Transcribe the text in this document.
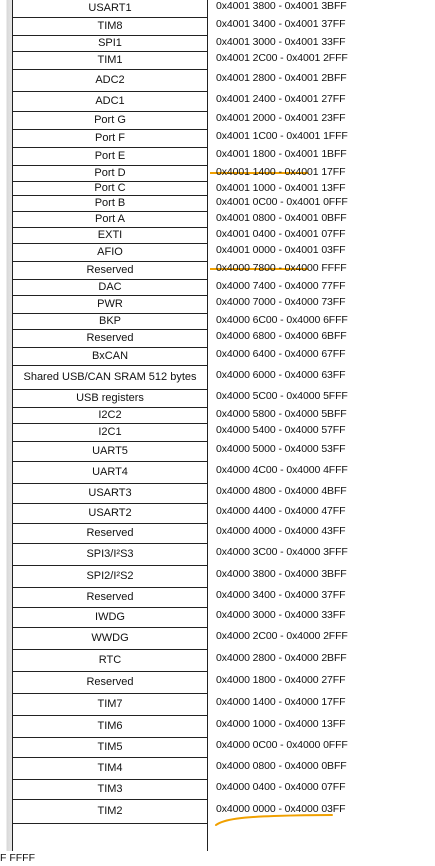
USART1	0x4001 3800 - 0x4001 3BFF
TIM8	0x4001 3400 - 0x4001 37FF
SPI1	0x4001 3000 - 0x4001 33FF
TIM1	0x4001 2C00 - 0x4001 2FFF
ADC2	0x4001 2800 - 0x4001 2BFF
ADC1	0x4001 2400 - 0x4001 27FF
Port G	0x4001 2000 - 0x4001 23FF
Port F	0x4001 1C00 - 0x4001 1FFF
Port E	0x4001 1800 - 0x4001 1BFF
Port D	0x4001 1400 - 0x4001 17FF
Port C	0x4001 1000 - 0x4001 13FF
Port B	0x4001 0C00 - 0x4001 0FFF
Port A	0x4001 0800 - 0x4001 0BFF
EXTI	0x4001 0400 - 0x4001 07FF
AFIO	0x4001 0000 - 0x4001 03FF
Reserved	0x4000 7800 - 0x4000 FFFF
DAC	0x4000 7400 - 0x4000 77FF
PWR	0x4000 7000 - 0x4000 73FF
BKP	0x4000 6C00 - 0x4000 6FFF
Reserved	0x4000 6800 - 0x4000 6BFF
BxCAN	0x4000 6400 - 0x4000 67FF
Shared USB/CAN SRAM 512 bytes	0x4000 6000 - 0x4000 63FF
USB registers	0x4000 5C00 - 0x4000 5FFF
I2C2	0x4000 5800 - 0x4000 5BFF
I2C1	0x4000 5400 - 0x4000 57FF
UART5	0x4000 5000 - 0x4000 53FF
UART4	0x4000 4C00 - 0x4000 4FFF
USART3	0x4000 4800 - 0x4000 4BFF
USART2	0x4000 4400 - 0x4000 47FF
Reserved	0x4000 4000 - 0x4000 43FF
SPI3/I²S3	0x4000 3C00 - 0x4000 3FFF
SPI2/I²S2	0x4000 3800 - 0x4000 3BFF
Reserved	0x4000 3400 - 0x4000 37FF
IWDG	0x4000 3000 - 0x4000 33FF
WWDG	0x4000 2C00 - 0x4000 2FFF
RTC	0x4000 2800 - 0x4000 2BFF
Reserved	0x4000 1800 - 0x4000 27FF
TIM7	0x4000 1400 - 0x4000 17FF
TIM6	0x4000 1000 - 0x4000 13FF
TIM5	0x4000 0C00 - 0x4000 0FFF
TIM4	0x4000 0800 - 0x4000 0BFF
TIM3	0x4000 0400 - 0x4000 07FF
TIM2	0x4000 0000 - 0x4000 03FF
F FFFF
